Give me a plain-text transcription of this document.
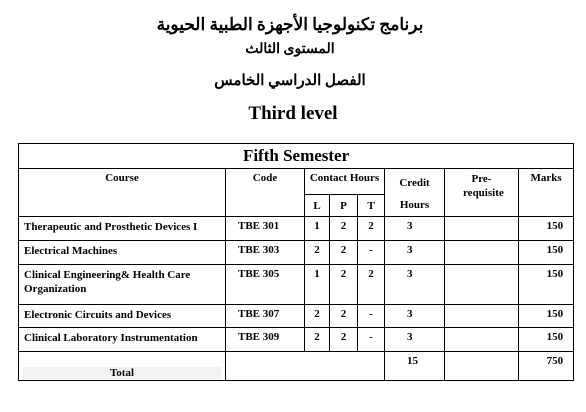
برنامج تكنولوجيا الأجهزة الطبية الحيوية
المستوى الثالث
الفصل الدراسي الخامس
Third level
Fifth Semester							
Course	Code	Contact Hours			Credit Hours	Pre-requisite	Marks
		L	P	T			
Therapeutic and Prosthetic Devices I	TBE 301	1	2	2	3		150
Electrical Machines	TBE 303	2	2	-	3		150
Clinical Engineering& Health Care Organization	TBE 305	1	2	2	3		150
Electronic Circuits and Devices	TBE 307	2	2	-	3		150
Clinical Laboratory Instrumentation	TBE 309	2	2	-	3		150

Total					15		750
